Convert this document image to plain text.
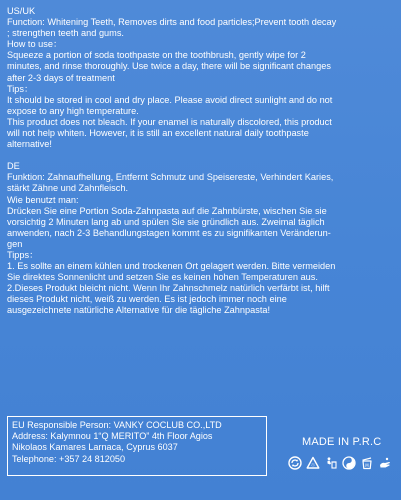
US/UK

Function: Whitening Teeth, Removes dirts and food particles;Prevent tooth decay

; strengthen teeth and gums.

How to use：

Squeeze a portion of soda toothpaste on the toothbrush, gently wipe for 2

minutes, and rinse thoroughly. Use twice a day, there will be significant changes

after 2-3 days of treatment

Tips：

It should be stored in cool and dry place. Please avoid direct sunlight and do not

expose to any high temperature.

This product does not bleach. If your enamel is naturally discolored, this product

will not help whiten. However, it is still an excellent natural daily toothpaste

alternative!

DE

Funktion: Zahnaufhellung, Entfernt Schmutz und Speisereste, Verhindert Karies,

stärkt Zähne und Zahnfleisch.

Wie benutzt man:

Drücken Sie eine Portion Soda-Zahnpasta auf die Zahnbürste, wischen Sie sie

vorsichtig 2 Minuten lang ab und spülen Sie sie gründlich aus. Zweimal täglich

anwenden, nach 2-3 Behandlungstagen kommt es zu signifikanten Veränderun-

gen

Tipps：

1. Es sollte an einem kühlen und trockenen Ort gelagert werden. Bitte vermeiden

Sie direktes Sonnenlicht und setzen Sie es keinen hohen Temperaturen aus.

2.Dieses Produkt bleicht nicht. Wenn Ihr Zahnschmelz natürlich verfärbt ist, hilft

dieses Produkt nicht, weiß zu werden. Es ist jedoch immer noch eine

ausgezeichnete natürliche Alternative für die tägliche Zahnpasta!

EU Responsible Person: VANKY COCLUB CO.,LTD

Address: Kalymnou 1“Q MERITO” 4th Floor Agios

Nikolaos Kamares Larnaca, Cyprus 6037

Telephone: +357 24 812050

MADE IN P.R.C
♲	M
